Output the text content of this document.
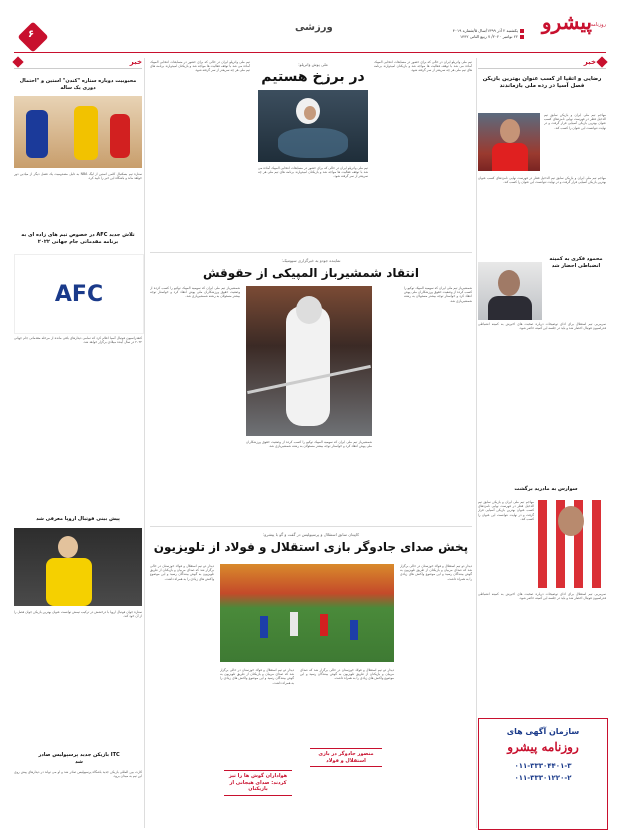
روزنامه
پیشرو
یکشنبه ۲ آذر ۱۳۹۹/سال ۵/شماره ۴۰۱۹
۲۲ نوامبر ۲۰۲۰/ ۷ ربیع الثانی ۱۴۴۲
ورزشی
۶
خبر
رضایی و اتقیا از کسب عنوان بهترین بازیکن فصل آسیا در رده ملی بازماندند
مهاجم تیم ملی ایران و بازیکن سابق تیم الدحیل قطر در فهرست نهایی نامزدهای کسب عنوان بهترین بازیکن آسیایی قرار گرفت و در نهایت نتوانست این عنوان را کسب کند.
مهاجم تیم ملی ایران و بازیکن سابق تیم الدحیل قطر در فهرست نهایی نامزدهای کسب عنوان بهترین بازیکن آسیایی قرار گرفت و در نهایت نتوانست این عنوان را کسب کند.
محمود فکری به کمیته انضباطی احضار شد
سرمربی تیم استقلال برای ادای توضیحات درباره صحبت های اخیرش به کمیته انضباطی فدراسیون فوتبال احضار شد و باید در جلسه این کمیته حاضر شود.
سوارس به مادرید برگشت
مهاجم تیم ملی ایران و بازیکن سابق تیم الدحیل قطر در فهرست نهایی نامزدهای کسب عنوان بهترین بازیکن آسیایی قرار گرفت و در نهایت نتوانست این عنوان را کسب کند.
سرمربی تیم استقلال برای ادای توضیحات درباره صحبت های اخیرش به کمیته انضباطی فدراسیون فوتبال احضار شد و باید در جلسه این کمیته حاضر شود.
سازمان آگهی های
روزنامه پیشرو
۰۱۱-۳۳۳۰۴۴۰۱-۳
۰۱۱-۳۳۳۰۱۲۲۰-۲
ملی پوش واترپلو:
در برزخ هستیم
تیم ملی واترپلو ایران در حالی که برای حضور در مسابقات انتخابی المپیک آماده می شد با توقف فعالیت ها مواجه شد و بازیکنان امیدوارند برنامه های تیم ملی هر چه سریعتر از سر گرفته شود.
تیم ملی واترپلو ایران در حالی که برای حضور در مسابقات انتخابی المپیک آماده می شد با توقف فعالیت ها مواجه شد و بازیکنان امیدوارند برنامه های تیم ملی هر چه سریعتر از سر گرفته شود.
تیم ملی واترپلو ایران در حالی که برای حضور در مسابقات انتخابی المپیک آماده می شد با توقف فعالیت ها مواجه شد و بازیکنان امیدوارند برنامه های تیم ملی هر چه سریعتر از سر گرفته شود.
نماینده جودو به خبرگزاری سپوتنیک:
انتقاد شمشیرباز المپیکی از حقوقش
شمشیرباز تیم ملی ایران که سهمیه المپیک توکیو را کسب کرده از وضعیت حقوق ورزشکاران ملی پوش انتقاد کرد و خواستار توجه بیشتر مسئولان به رشته شمشیربازی شد.
شمشیرباز تیم ملی ایران که سهمیه المپیک توکیو را کسب کرده از وضعیت حقوق ورزشکاران ملی پوش انتقاد کرد و خواستار توجه بیشتر مسئولان به رشته شمشیربازی شد.
شمشیرباز تیم ملی ایران که سهمیه المپیک توکیو را کسب کرده از وضعیت حقوق ورزشکاران ملی پوش انتقاد کرد و خواستار توجه بیشتر مسئولان به رشته شمشیربازی شد.
کاپیتان سابق استقلال و پرسپولیس در گفت و گو با پیشرو:
پخش صدای جادوگر بازی استقلال و فولاد از تلویزیون
دیدار دو تیم استقلال و فولاد خوزستان در حالی برگزار شد که صدای مربیان و بازیکنان از طریق تلویزیون به گوش بینندگان رسید و این موضوع واکنش های زیادی را به همراه داشت.
دیدار دو تیم استقلال و فولاد خوزستان در حالی برگزار شد که صدای مربیان و بازیکنان از طریق تلویزیون به گوش بینندگان رسید و این موضوع واکنش های زیادی را به همراه داشت.
دیدار دو تیم استقلال و فولاد خوزستان در حالی برگزار شد که صدای مربیان و بازیکنان از طریق تلویزیون به گوش بینندگان رسید و این موضوع واکنش های زیادی را به همراه داشت.
دیدار دو تیم استقلال و فولاد خوزستان در حالی برگزار شد که صدای مربیان و بازیکنان از طریق تلویزیون به گوش بینندگان رسید و این موضوع واکنش های زیادی را به همراه داشت.
منصور جادوگر در بازی استقلال و فولاد
هواداران گوش ها را تیز کردند: صدای هیجانی از بازیکنان
خبر
محبوبیت دوباره ستاره "کندن" استین و "احتمال دوری یک ساله
ستاره تیم بسکتبال کلمن استین از لیگ NBA به دلیل مصدومیت یک فصل دیگر از میادین دور خواهد ماند و باشگاه این خبر را تایید کرد.
تلاش جدید AFC در خصوص تیم های زاده ای به برنامه مقدماتی جام جهانی ۲۰۲۲
AFC
کنفدراسیون فوتبال آسیا اعلام کرد که تمامی دیدارهای باقی مانده از مرحله مقدماتی جام جهانی ۲۰۲۲ در سال آینده میلادی برگزار خواهد شد.
پیش بینی فوتبال اروپا معرفی شد
ستاره جوان فوتبال اروپا با درخشش در ترکیب تیمش توانست عنوان بهترین بازیکن جوان فصل را از آن خود کند.
ITC بازیکن جدید پرسپولیس صادر شد
کارت بین المللی بازیکن جدید باشگاه پرسپولیس صادر شد و او می تواند در دیدارهای پیش روی این تیم به میدان برود.
